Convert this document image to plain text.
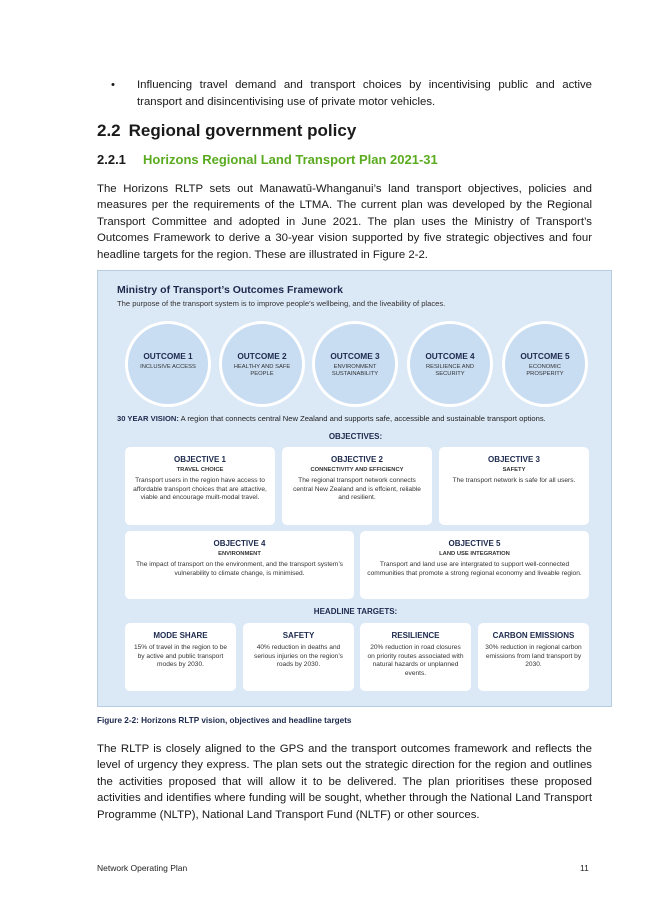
• Influencing travel demand and transport choices by incentivising public and active transport and disincentivising use of private motor vehicles.
2.2 Regional government policy
2.2.1 Horizons Regional Land Transport Plan 2021-31
The Horizons RLTP sets out Manawatū-Whanganui’s land transport objectives, policies and measures per the requirements of the LTMA. The current plan was developed by the Regional Transport Committee and adopted in June 2021. The plan uses the Ministry of Transport’s Outcomes Framework to derive a 30-year vision supported by five strategic objectives and four headline targets for the region. These are illustrated in Figure 2-2.
Ministry of Transport’s Outcomes Framework
The purpose of the transport system is to improve people’s wellbeing, and the liveability of places.
OUTCOME 1
INCLUSIVE ACCESS
OUTCOME 2
HEALTHY AND SAFE PEOPLE
OUTCOME 3
ENVIRONMENT SUSTAINABILITY
OUTCOME 4
RESILIENCE AND SECURITY
OUTCOME 5
ECONOMIC PROSPERITY
30 YEAR VISION: A region that connects central New Zealand and supports safe, accessible and sustainable transport options.
OBJECTIVES:
OBJECTIVE 1
TRAVEL CHOICE
Transport users in the region have access to affordable transport choices that are attactive, viable and encourage muilt-modal travel.
OBJECTIVE 2
CONNECTIVITY AND EFFICIENCY
The regional transport network connects central New Zealand and is effcient, reliable and resilient.
OBJECTIVE 3
SAFETY
The transport network is safe for all users.
OBJECTIVE 4
ENVIRONMENT
The impact of transport on the environment, and the transport system’s vulnerability to climate change, is minimised.
OBJECTIVE 5
LAND USE INTEGRATION
Transport and land use are intergrated to support well-connected communities that promote a strong regional economy and liveable region.
HEADLINE TARGETS:
MODE SHARE
15% of travel in the region to be by active and public transport modes by 2030.
SAFETY
40% reduction in deaths and serious injuries on the region’s roads by 2030.
RESILIENCE
20% reduction in road closures on priority routes associated with natural hazards or unplanned events.
CARBON EMISSIONS
30% reduction in regional carbon emissions from land transport by 2030.
Figure 2-2: Horizons RLTP vision, objectives and headline targets
The RLTP is closely aligned to the GPS and the transport outcomes framework and reflects the level of urgency they express. The plan sets out the strategic direction for the region and outlines the activities proposed that will allow it to be delivered. The plan prioritises these proposed activities and identifies where funding will be sought, whether through the National Land Transport Programme (NLTP), National Land Transport Fund (NLTF) or other sources.
Network Operating Plan	11
